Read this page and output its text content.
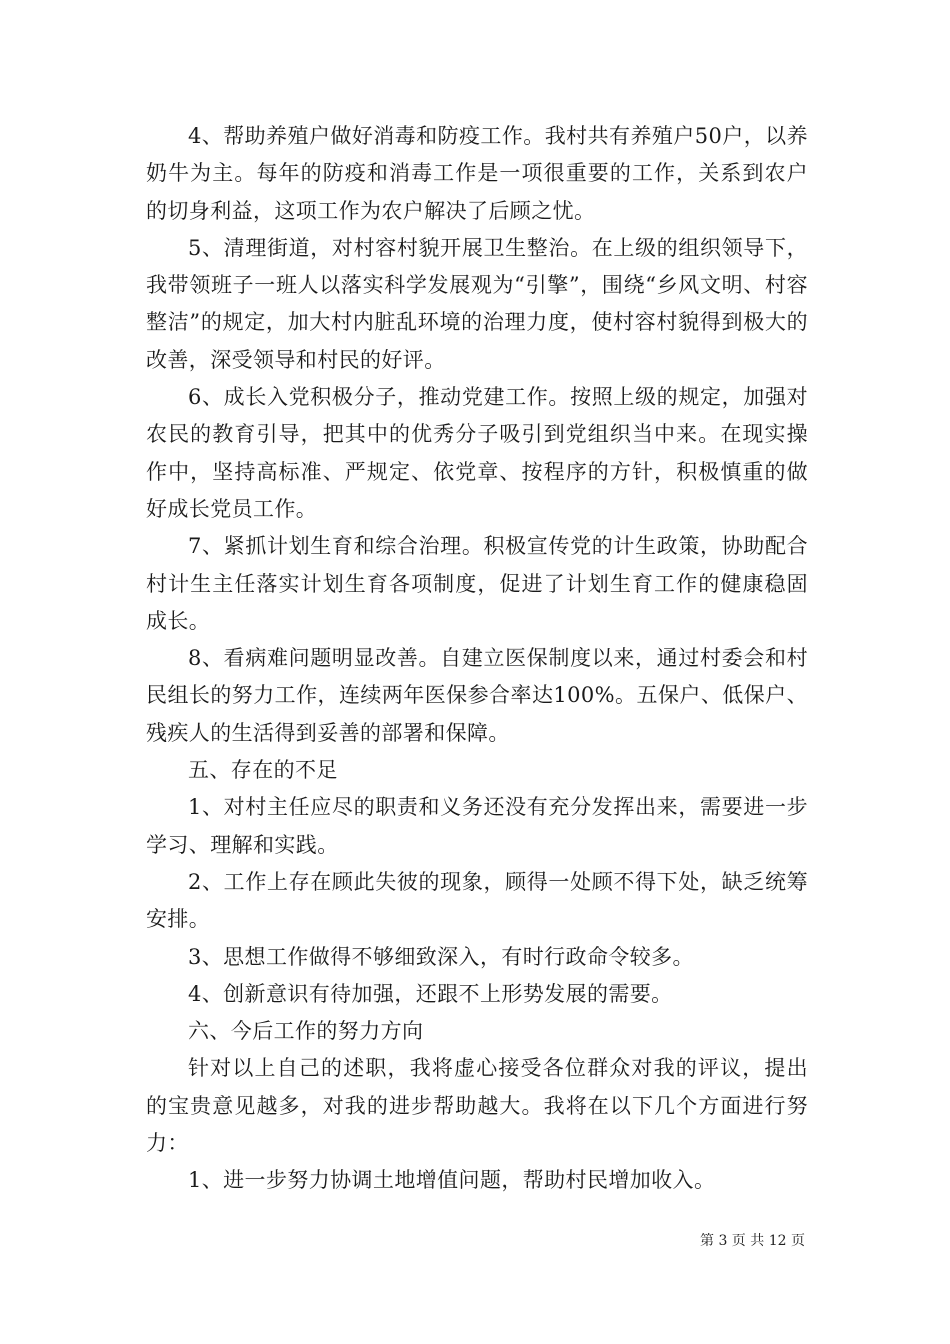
4、帮助养殖户做好消毒和防疫工作。我村共有养殖户50户，以养奶牛为主。每年的防疫和消毒工作是一项很重要的工作，关系到农户的切身利益，这项工作为农户解决了后顾之忧。

5、清理街道，对村容村貌开展卫生整治。在上级的组织领导下，我带领班子一班人以落实科学发展观为“引擎”，围绕“乡风文明、村容整洁”的规定，加大村内脏乱环境的治理力度，使村容村貌得到极大的改善，深受领导和村民的好评。

6、成长入党积极分子，推动党建工作。按照上级的规定，加强对农民的教育引导，把其中的优秀分子吸引到党组织当中来。在现实操作中，坚持高标准、严规定、依党章、按程序的方针，积极慎重的做好成长党员工作。

7、紧抓计划生育和综合治理。积极宣传党的计生政策，协助配合村计生主任落实计划生育各项制度，促进了计划生育工作的健康稳固成长。

8、看病难问题明显改善。自建立医保制度以来，通过村委会和村民组长的努力工作，连续两年医保参合率达100%。五保户、低保户、残疾人的生活得到妥善的部署和保障。

五、存在的不足

1、对村主任应尽的职责和义务还没有充分发挥出来，需要进一步学习、理解和实践。

2、工作上存在顾此失彼的现象，顾得一处顾不得下处，缺乏统筹安排。

3、思想工作做得不够细致深入，有时行政命令较多。

4、创新意识有待加强，还跟不上形势发展的需要。

六、今后工作的努力方向

针对以上自己的述职，我将虚心接受各位群众对我的评议，提出的宝贵意见越多，对我的进步帮助越大。我将在以下几个方面进行努力：

1、进一步努力协调土地增值问题，帮助村民增加收入。

第 3 页 共 12 页
